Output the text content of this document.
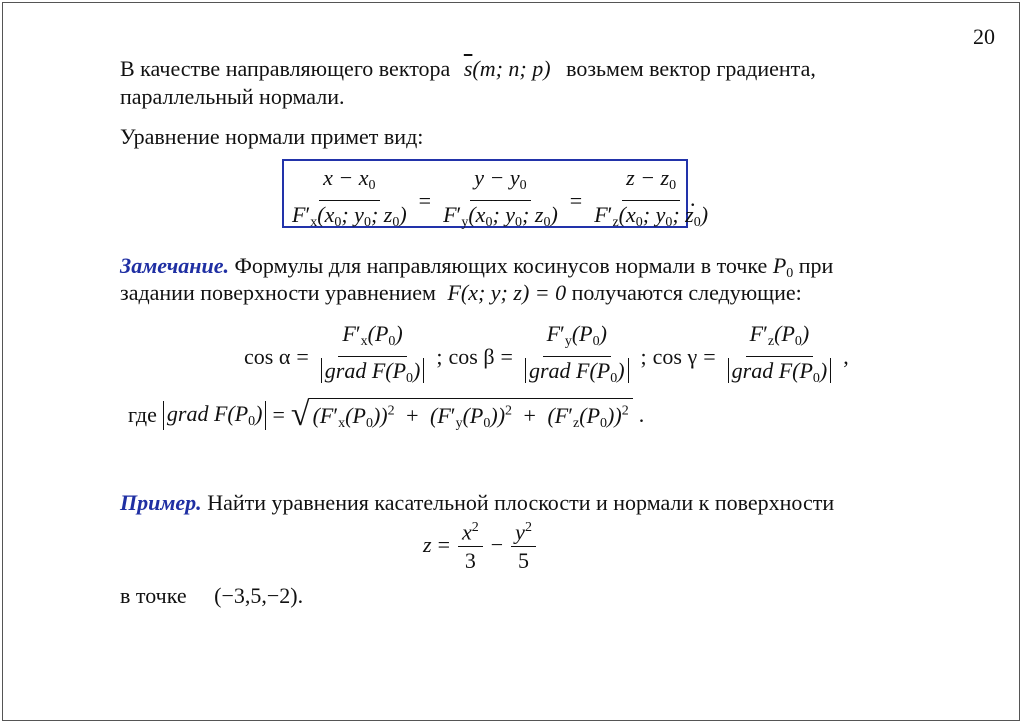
20
В качестве направляющего вектора $\overline{s}(m$; n; p) возьмем вектор градиента,
параллельный нормали.
Уравнение нормали примет вид:
$\frac{x - x_0}{F'_x(x_0; y_0; z_0)} = \frac{y - y_0}{F'_y(x_0; y_0; z_0)} = \frac{z - z_0}{F'_z(x_0; y_0; z_0)}$
.
Замечание. Формулы для направляющих косинусов нормали в точке $P_0$ при
задании поверхности уравнением F(x; y; z) = 0 получаются следующие:
$\cos \alpha = \frac{F'_x(P_0)}{grad F(P_0)}$ ; $\cos \beta = \frac{F'_y(P_0)}{grad F(P_0)}$ ; $\cos \gamma = \frac{F'_z(P_0)}{grad F(P_0)}$ ,
где grad $F(P_0)$ = √ $(F'_x(P_0))^2 + (F'_y(P_0))^2 + (F'_z(P_0))^2$ .
Пример. Найти уравнения касательной плоскости и нормали к поверхности
$z = \frac{x^2}{3} - \frac{y^2}{5}$
в точке (−3,5,−2).
